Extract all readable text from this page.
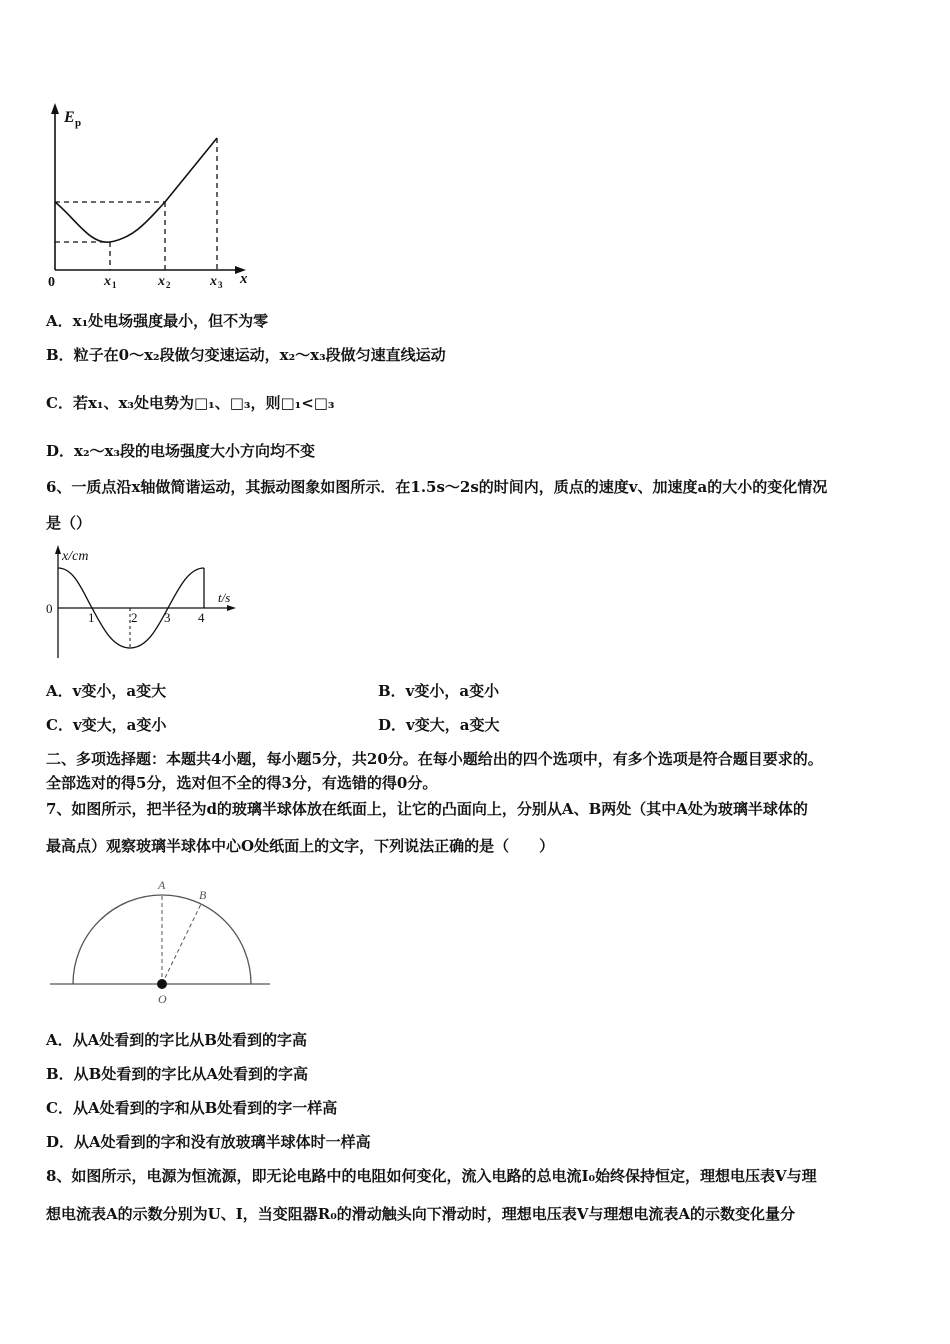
E p
0	x
x 1	x 2	x 3
A．x₁处电场强度最小，但不为零
B．粒子在0～x₂段做匀变速运动，x₂～x₃段做匀速直线运动
C．若x₁、x₃处电势为□₁、□₃，则□₁<□₃
D．x₂～x₃段的电场强度大小方向均不变
6、一质点沿x轴做简谐运动，其振动图象如图所示．在1.5s～2s的时间内，质点的速度v、加速度a的大小的变化情况
是（）
x/cm
t/s
0
1	2 3 4
A．v变小，a变大	B．v变小，a变小
C．v变大，a变小	D．v变大，a变大
二、多项选择题：本题共4小题，每小题5分，共20分。在每小题给出的四个选项中，有多个选项是符合题目要求的。
全部选对的得5分，选对但不全的得3分，有选错的得0分。
7、如图所示，把半径为d的玻璃半球体放在纸面上，让它的凸面向上，分别从A、B两处（其中A处为玻璃半球体的
最高点）观察玻璃半球体中心O处纸面上的文字，下列说法正确的是（　　）
A
B
O
A．从A处看到的字比从B处看到的字高
B．从B处看到的字比从A处看到的字高
C．从A处看到的字和从B处看到的字一样高
D．从A处看到的字和没有放玻璃半球体时一样高
8、如图所示，电源为恒流源，即无论电路中的电阻如何变化，流入电路的总电流I₀始终保持恒定，理想电压表V与理
想电流表A的示数分别为U、I，当变阻器R₀的滑动触头向下滑动时，理想电压表V与理想电流表A的示数变化量分
